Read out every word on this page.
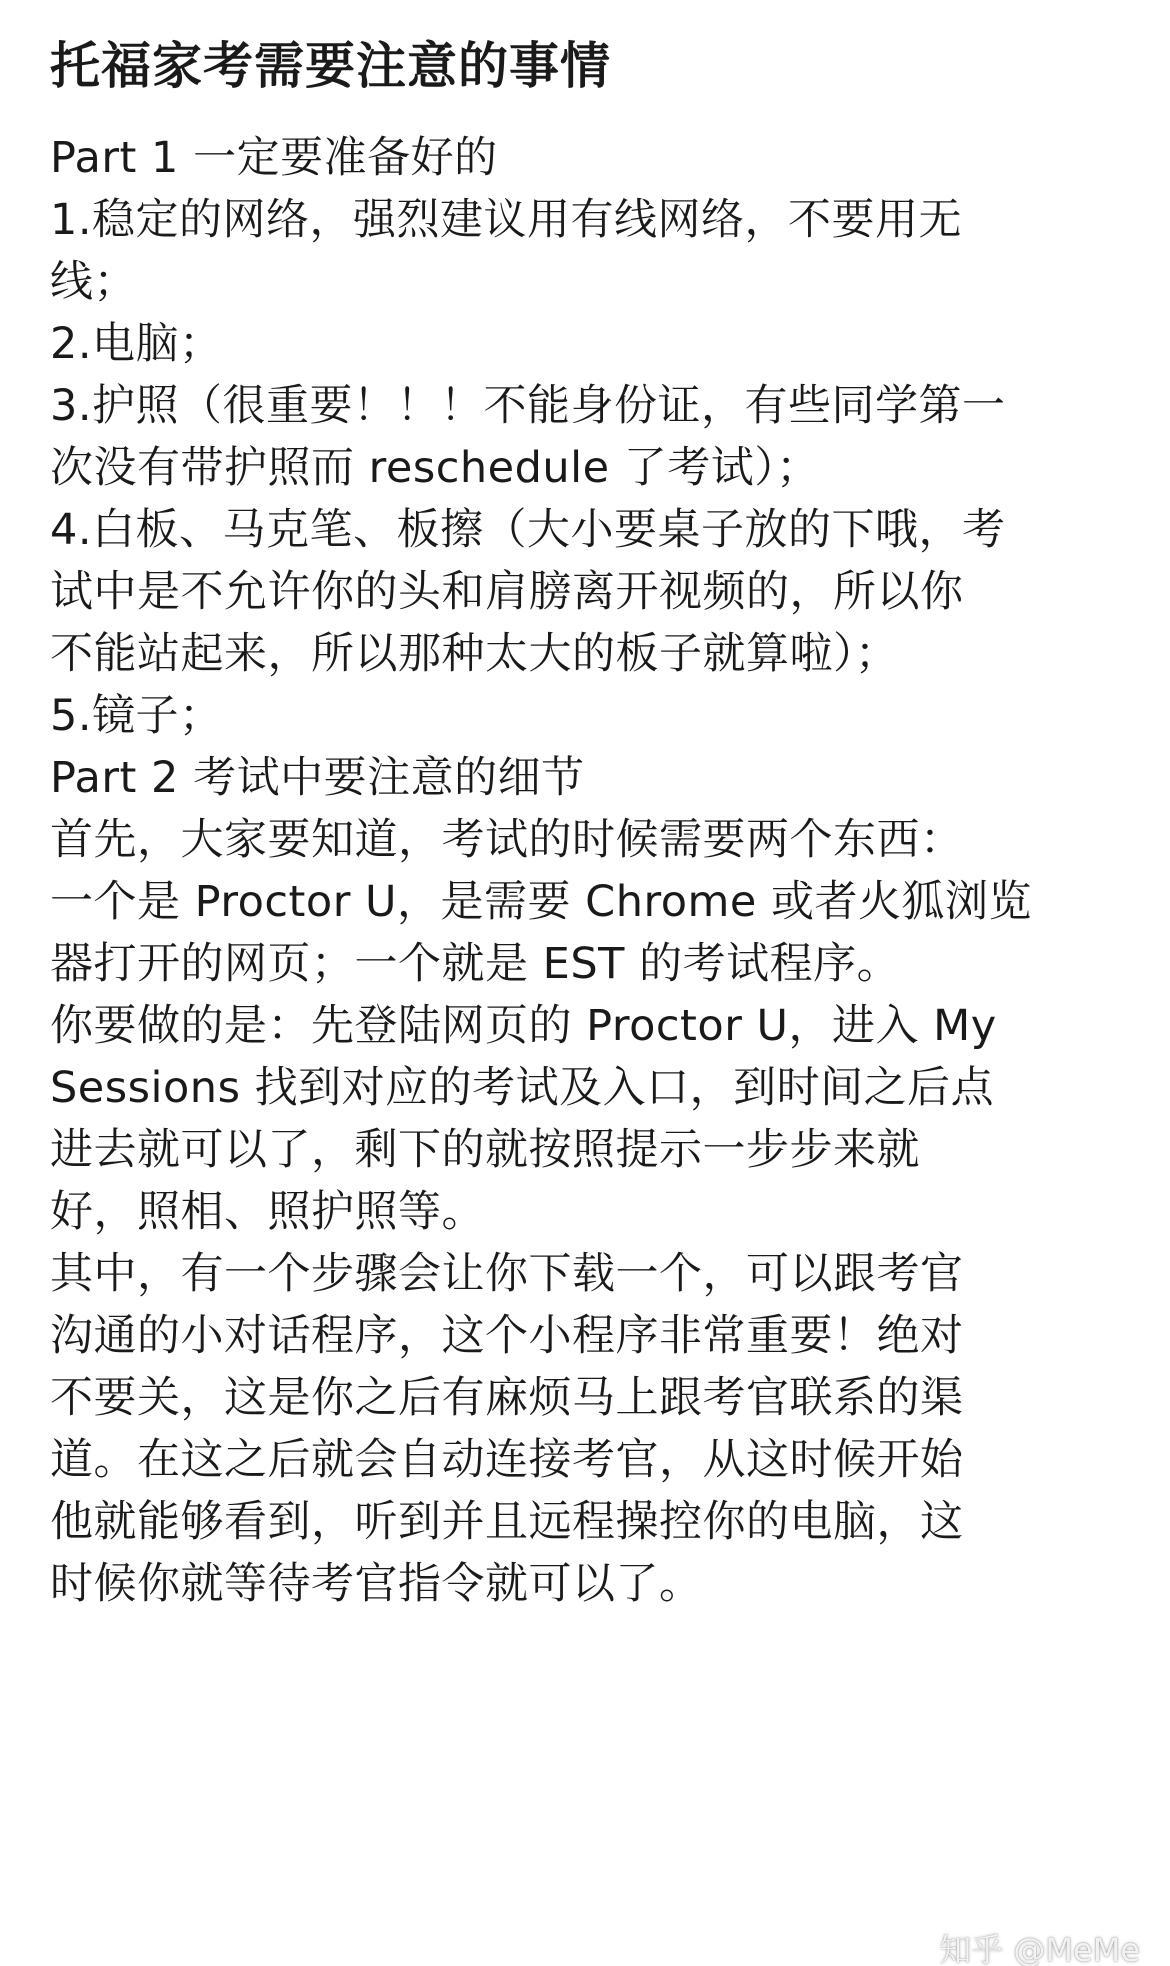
托福家考需要注意的事情
Part 1 一定要准备好的
1.稳定的网络，强烈建议用有线网络，不要用无
线；
2.电脑；
3.护照（很重要！！！不能身份证，有些同学第一
次没有带护照而 reschedule 了考试）；
4.白板、马克笔、板擦（大小要桌子放的下哦，考
试中是不允许你的头和肩膀离开视频的，所以你
不能站起来，所以那种太大的板子就算啦）；
5.镜子；
Part 2 考试中要注意的细节
首先，大家要知道，考试的时候需要两个东西：
一个是 Proctor U，是需要 Chrome 或者火狐浏览
器打开的网页；一个就是 EST 的考试程序。
你要做的是：先登陆网页的 Proctor U，进入 My
Sessions 找到对应的考试及入口，到时间之后点
进去就可以了，剩下的就按照提示一步步来就
好，照相、照护照等。
其中，有一个步骤会让你下载一个，可以跟考官
沟通的小对话程序，这个小程序非常重要！绝对
不要关，这是你之后有麻烦马上跟考官联系的渠
道。在这之后就会自动连接考官，从这时候开始
他就能够看到，听到并且远程操控你的电脑，这
时候你就等待考官指令就可以了。
知乎 @MeMe
